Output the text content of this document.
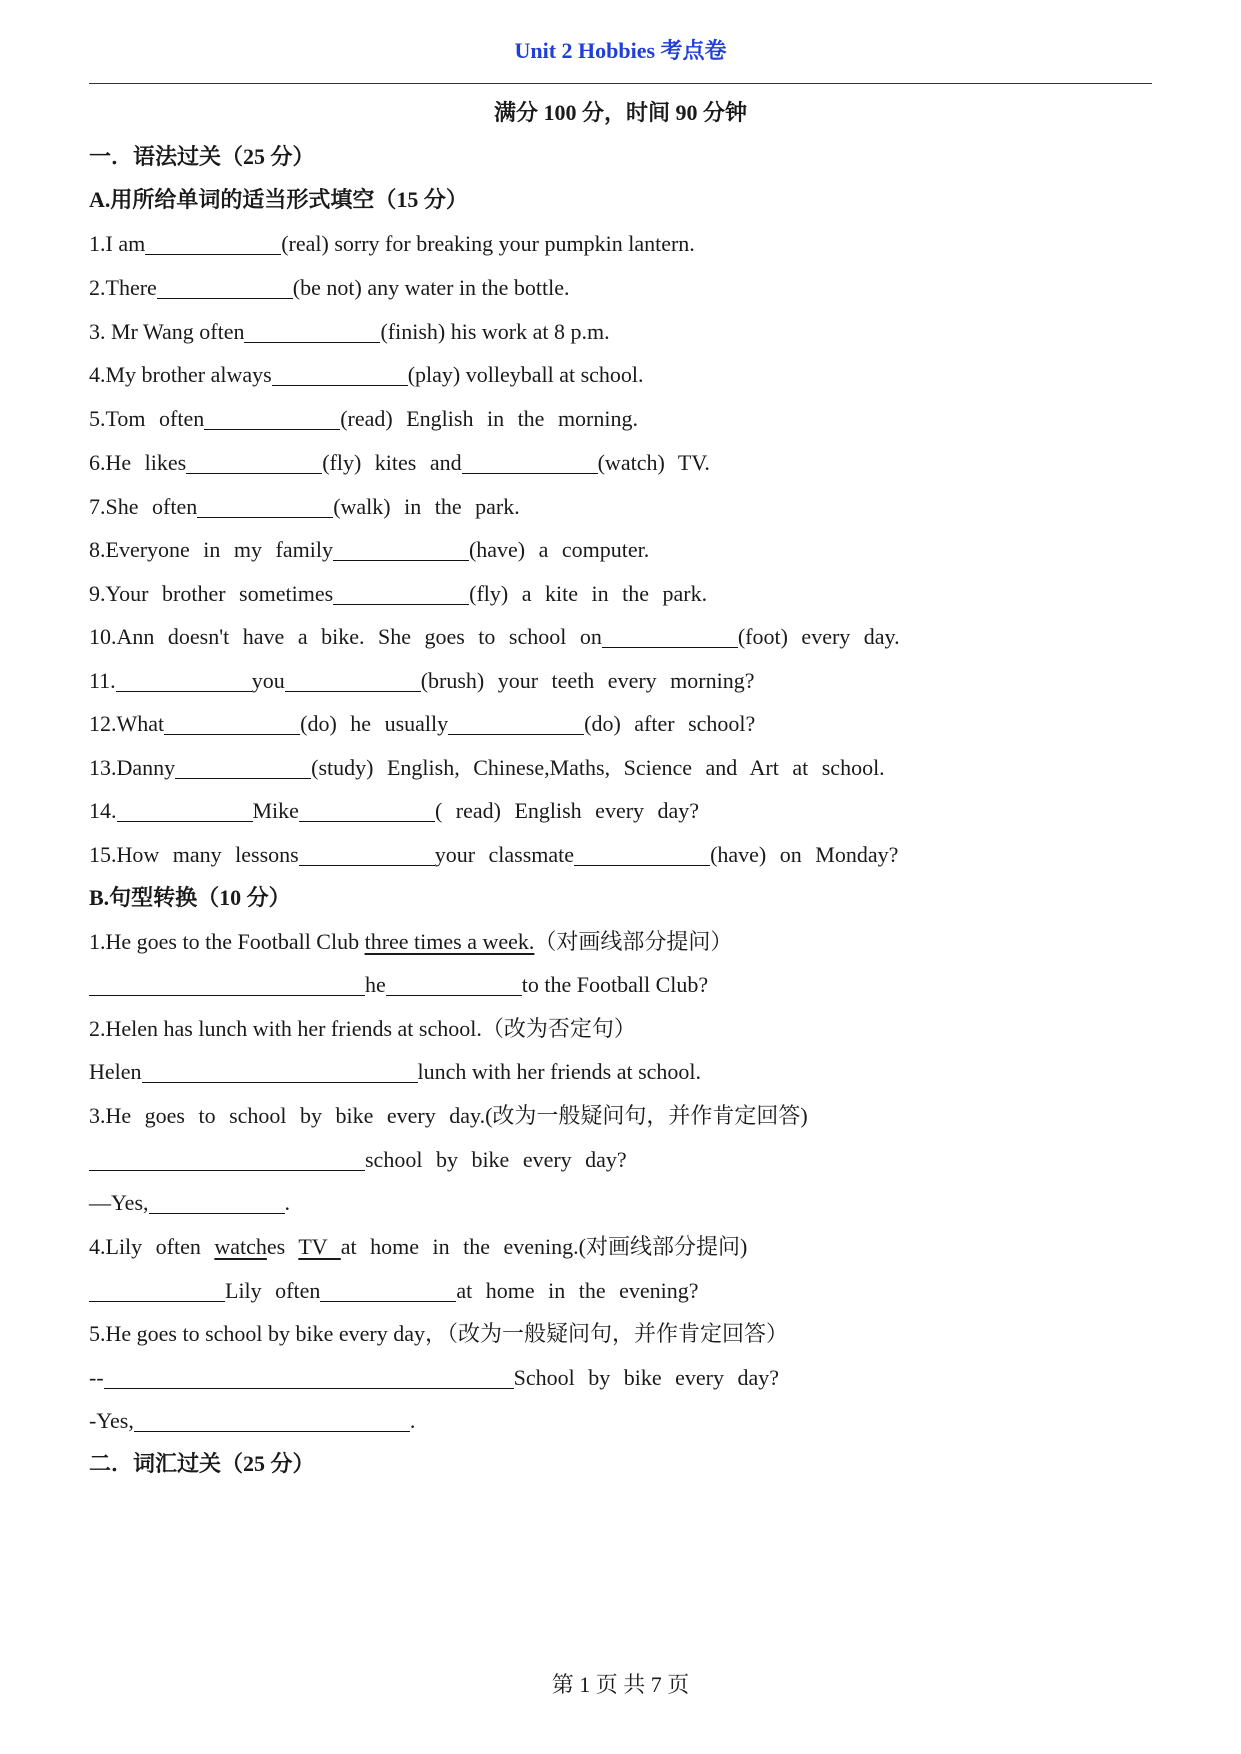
Unit 2 Hobbies 考点卷
满分 100 分，时间 90 分钟
一．语法过关（25 分）
A.用所给单词的适当形式填空（15 分）
1.I am	(real) sorry for breaking your pumpkin lantern.
2.There	(be not) any water in the bottle.
3. Mr Wang often	(finish) his work at 8 p.m.
4.My brother always	(play) volleyball at school.
5.Tom often	(read) English in the morning.
6.He likes	(fly) kites and	(watch) TV.
7.She often	(walk) in the park.
8.Everyone in my family	(have) a computer.
9.Your brother sometimes	(fly) a kite in the park.
10.Ann doesn't have a bike. She goes to school on	(foot) every day.
11.	you	(brush) your teeth every morning?
12.What	(do) he usually	(do) after school?
13.Danny	(study) English, Chinese,Maths, Science and Art at school.
14.	Mike	( read) English every day?
15.How many lessons	your classmate	(have) on Monday?
B.句型转换（10 分）
1.He goes to the Football Club three times a week.（对画线部分提问）
he	to the Football Club?
2.Helen has lunch with her friends at school.（改为否定句）
Helen	lunch with her friends at school.
3.He goes to school by bike every day.(改为一般疑问句，并作肯定回答)
school by bike every day?
—Yes,	.
4.Lily often watches TV at home in the evening.(对画线部分提问)
Lily often	at home in the evening?
5.He goes to school by bike every day，（改为一般疑问句，并作肯定回答）
--	School by bike every day?
-Yes,	.
二．词汇过关（25 分）
第 1 页 共 7 页
